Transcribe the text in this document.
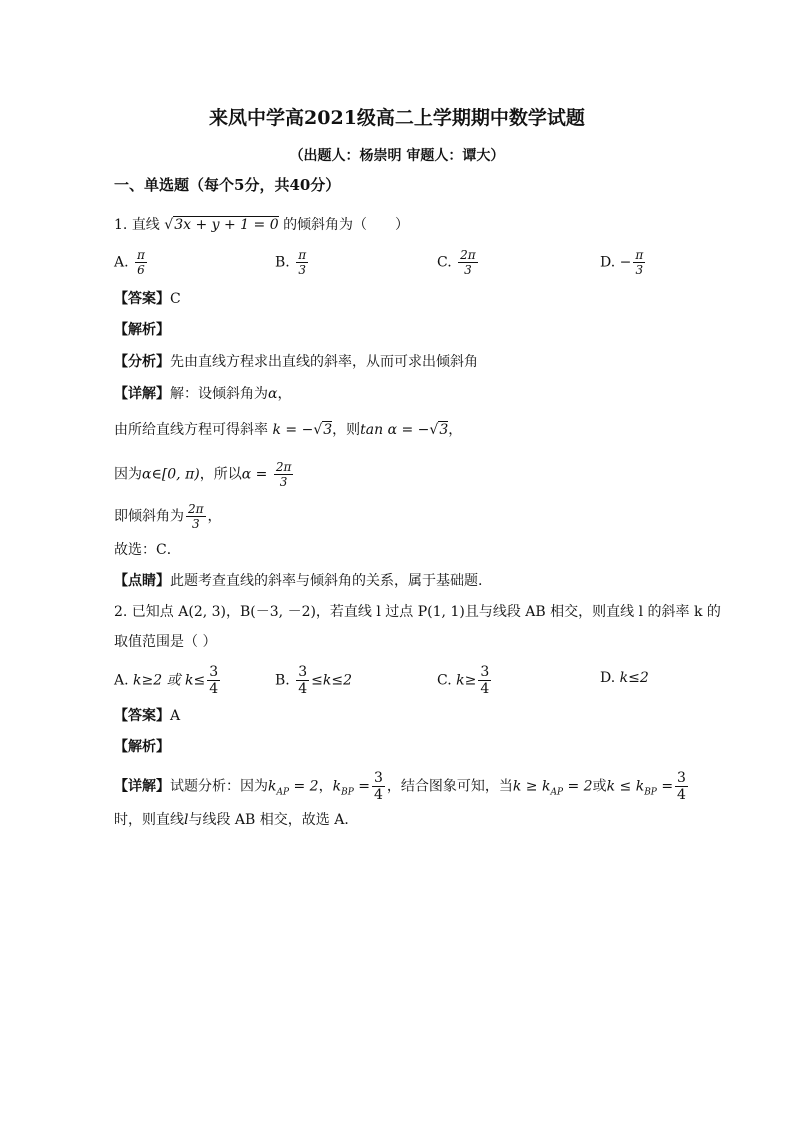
来凤中学高2021级高二上学期期中数学试题
（出题人：杨崇明 审题人：谭大）
一、单选题（每个5分，共40分）
1. 直线 √3x + y + 1 = 0 的倾斜角为（　　）
A. $\frac{\pi}{6}$	B. $\frac{\pi}{3}$	C. $\frac{2\pi}{3}$	D. − $\frac{\pi}{3}$
【答案】C
【解析】
【分析】先由直线方程求出直线的斜率，从而可求出倾斜角
【详解】解：设倾斜角为α，
由所给直线方程可得斜率 k = −√3，则tan α = −√3，
因为α∈[0, π)，所以$\alpha = \frac{2\pi}{3}$
即倾斜角为 $\frac{2\pi}{3}$ ，
故选：C．
【点睛】此题考查直线的斜率与倾斜角的关系，属于基础题.
2. 已知点 A(2, 3)，B(－3, －2)，若直线 l 过点 P(1, 1)且与线段 AB 相交，则直线 l 的斜率 k 的
取值范围是（ ）
A. k≥2 或 $k\le \frac{3}{4}$	B. $\frac{3}{4} \le k\le 2$	C. $k\ge \frac{3}{4}$	D. k≤2
【答案】A
【解析】
【详解】试题分析：因为$k_{AP} = 2$，$k_{BP} = \frac{3}{4}$ ，结合图象可知，当$k \ge k_{AP} = 2$或$k \le k_{BP} = \frac{3}{4}$
时，则直线l与线段 AB 相交，故选 A．
